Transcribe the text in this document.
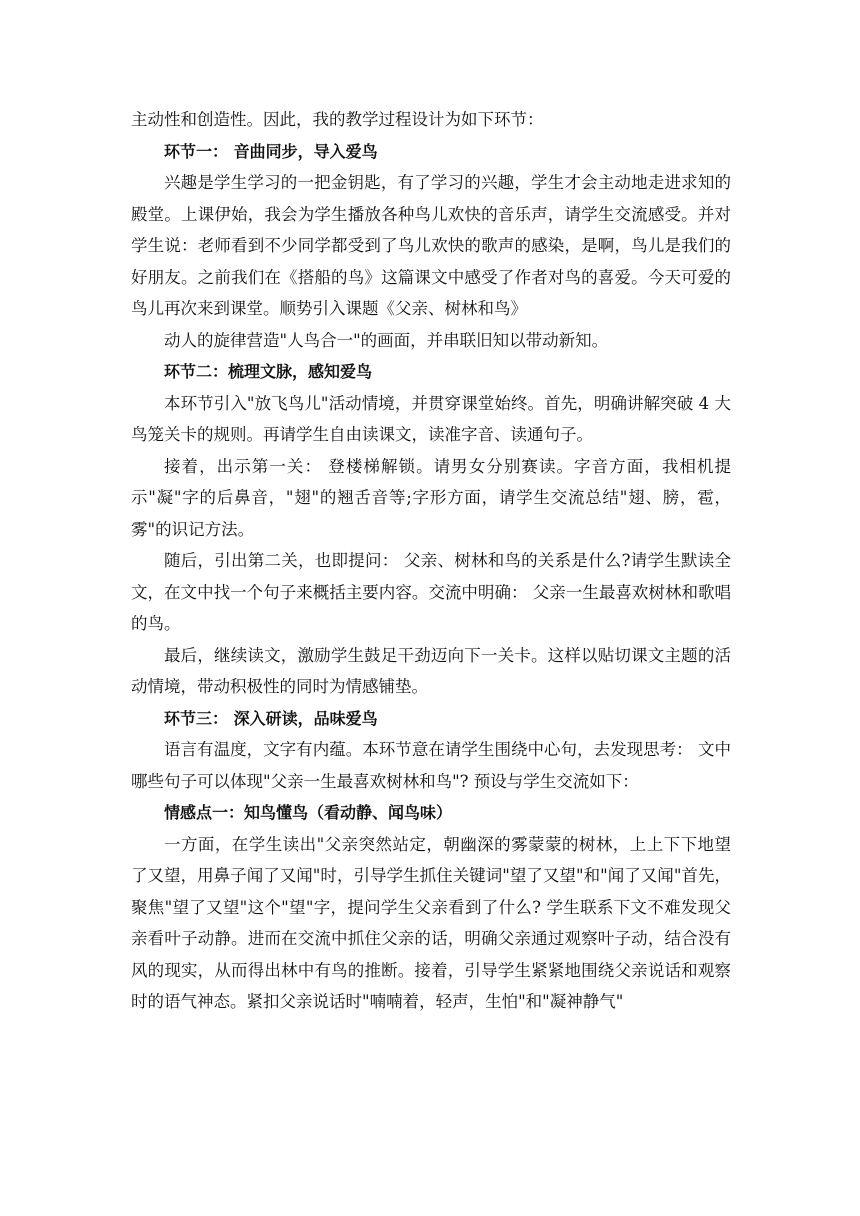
主动性和创造性。因此，我的教学过程设计为如下环节：

环节一： 音曲同步，导入爱鸟

兴趣是学生学习的一把金钥匙，有了学习的兴趣，学生才会主动地走进求知的殿堂。上课伊始，我会为学生播放各种鸟儿欢快的音乐声，请学生交流感受。并对学生说：老师看到不少同学都受到了鸟儿欢快的歌声的感染，是啊，鸟儿是我们的好朋友。之前我们在《搭船的鸟》这篇课文中感受了作者对鸟的喜爱。今天可爱的鸟儿再次来到课堂。顺势引入课题《父亲、树林和鸟》

动人的旋律营造"人鸟合一"的画面，并串联旧知以带动新知。

环节二：梳理文脉，感知爱鸟

本环节引入"放飞鸟儿"活动情境，并贯穿课堂始终。首先，明确讲解突破 4 大鸟笼关卡的规则。再请学生自由读课文，读准字音、读通句子。

接着，出示第一关： 登楼梯解锁。请男女分别赛读。字音方面，我相机提示"凝"字的后鼻音，"翅"的翘舌音等;字形方面，请学生交流总结"翅、膀，雹，雾"的识记方法。

随后，引出第二关，也即提问： 父亲、树林和鸟的关系是什么?请学生默读全文，在文中找一个句子来概括主要内容。交流中明确： 父亲一生最喜欢树林和歌唱的鸟。

最后，继续读文，激励学生鼓足干劲迈向下一关卡。这样以贴切课文主题的活动情境，带动积极性的同时为情感铺垫。

环节三： 深入研读，品味爱鸟

语言有温度，文字有内蕴。本环节意在请学生围绕中心句，去发现思考： 文中哪些句子可以体现"父亲一生最喜欢树林和鸟"? 预设与学生交流如下：

情感点一：知鸟懂鸟（看动静、闻鸟味）

一方面，在学生读出"父亲突然站定，朝幽深的雾蒙蒙的树林，上上下下地望了又望，用鼻子闻了又闻"时，引导学生抓住关键词"望了又望"和"闻了又闻"首先，聚焦"望了又望"这个"望"字，提问学生父亲看到了什么? 学生联系下文不难发现父亲看叶子动静。进而在交流中抓住父亲的话，明确父亲通过观察叶子动，结合没有风的现实，从而得出林中有鸟的推断。接着，引导学生紧紧地围绕父亲说话和观察时的语气神态。紧扣父亲说话时"喃喃着，轻声，生怕"和"凝神静气"
